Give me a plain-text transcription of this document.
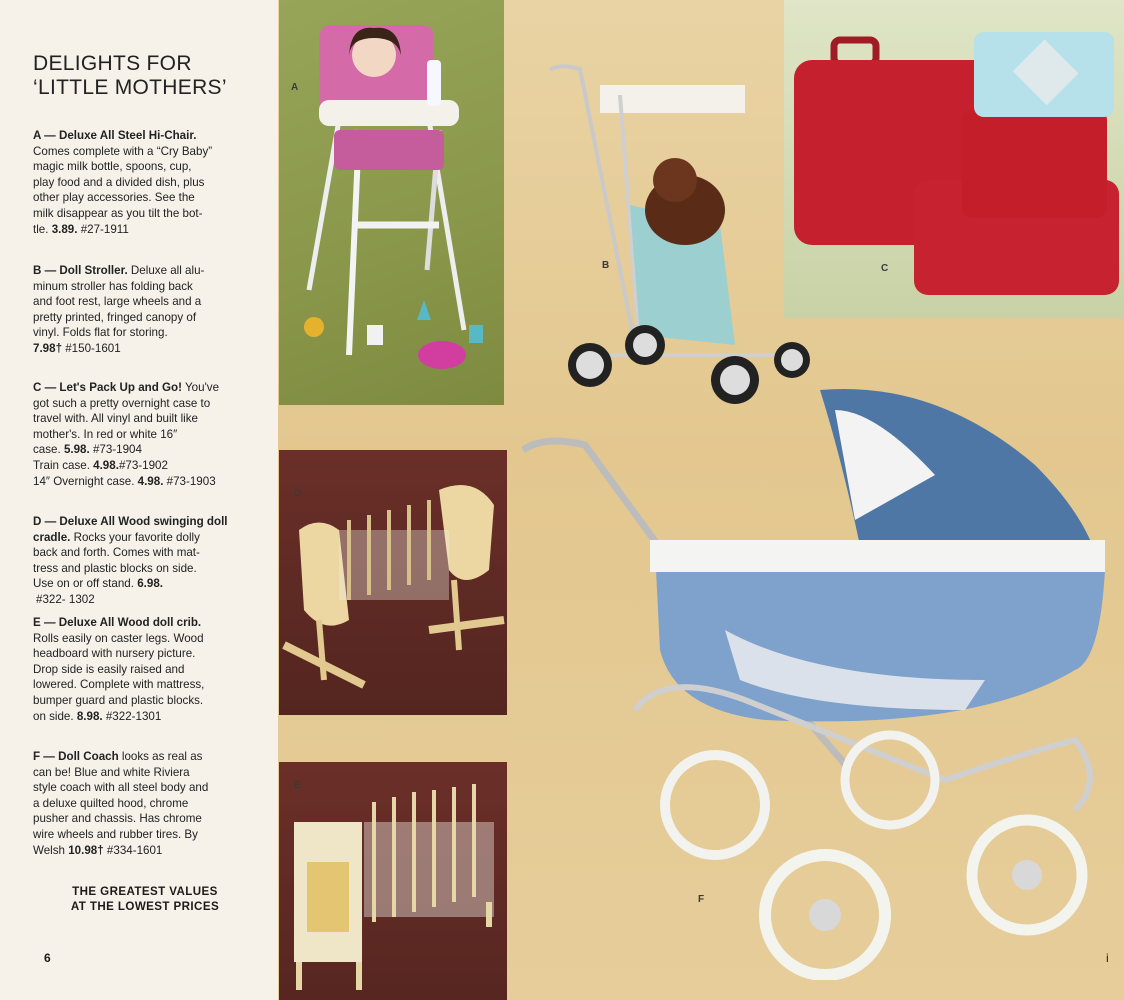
DELIGHTS FOR
‘LITTLE MOTHERS’

A — Deluxe All Steel Hi-Chair.

Comes complete with a “Cry Baby”

magic milk bottle, spoons, cup,

play food and a divided dish, plus

other play accessories. See the

milk disappear as you tilt the bot-

tle. 3.89. #27-1911

B — Doll Stroller. Deluxe all alu-

minum stroller has folding back

and foot rest, large wheels and a

pretty printed, fringed canopy of

vinyl. Folds flat for storing.

7.98† #150-1601

C — Let's Pack Up and Go! You've

got such a pretty overnight case to

travel with. All vinyl and built like

mother's. In red or white 16″

case. 5.98. #73-1904

Train case. 4.98.#73-1902

14″ Overnight case. 4.98. #73-1903

D — Deluxe All Wood swinging doll

cradle. Rocks your favorite dolly

back and forth. Comes with mat-

tress and plastic blocks on side.

Use on or off stand. 6.98.

#322- 1302

E — Deluxe All Wood doll crib.

Rolls easily on caster legs. Wood

headboard with nursery picture.

Drop side is easily raised and

lowered. Complete with mattress,

bumper guard and plastic blocks.

on side. 8.98. #322-1301

F — Doll Coach looks as real as

can be! Blue and white Riviera

style coach with all steel body and

a deluxe quilted hood, chrome

pusher and chassis. Has chrome

wire wheels and rubber tires. By

Welsh 10.98† #334-1601

THE GREATEST VALUES
AT THE LOWEST PRICES
6
A
B	C
D
E
F
i
